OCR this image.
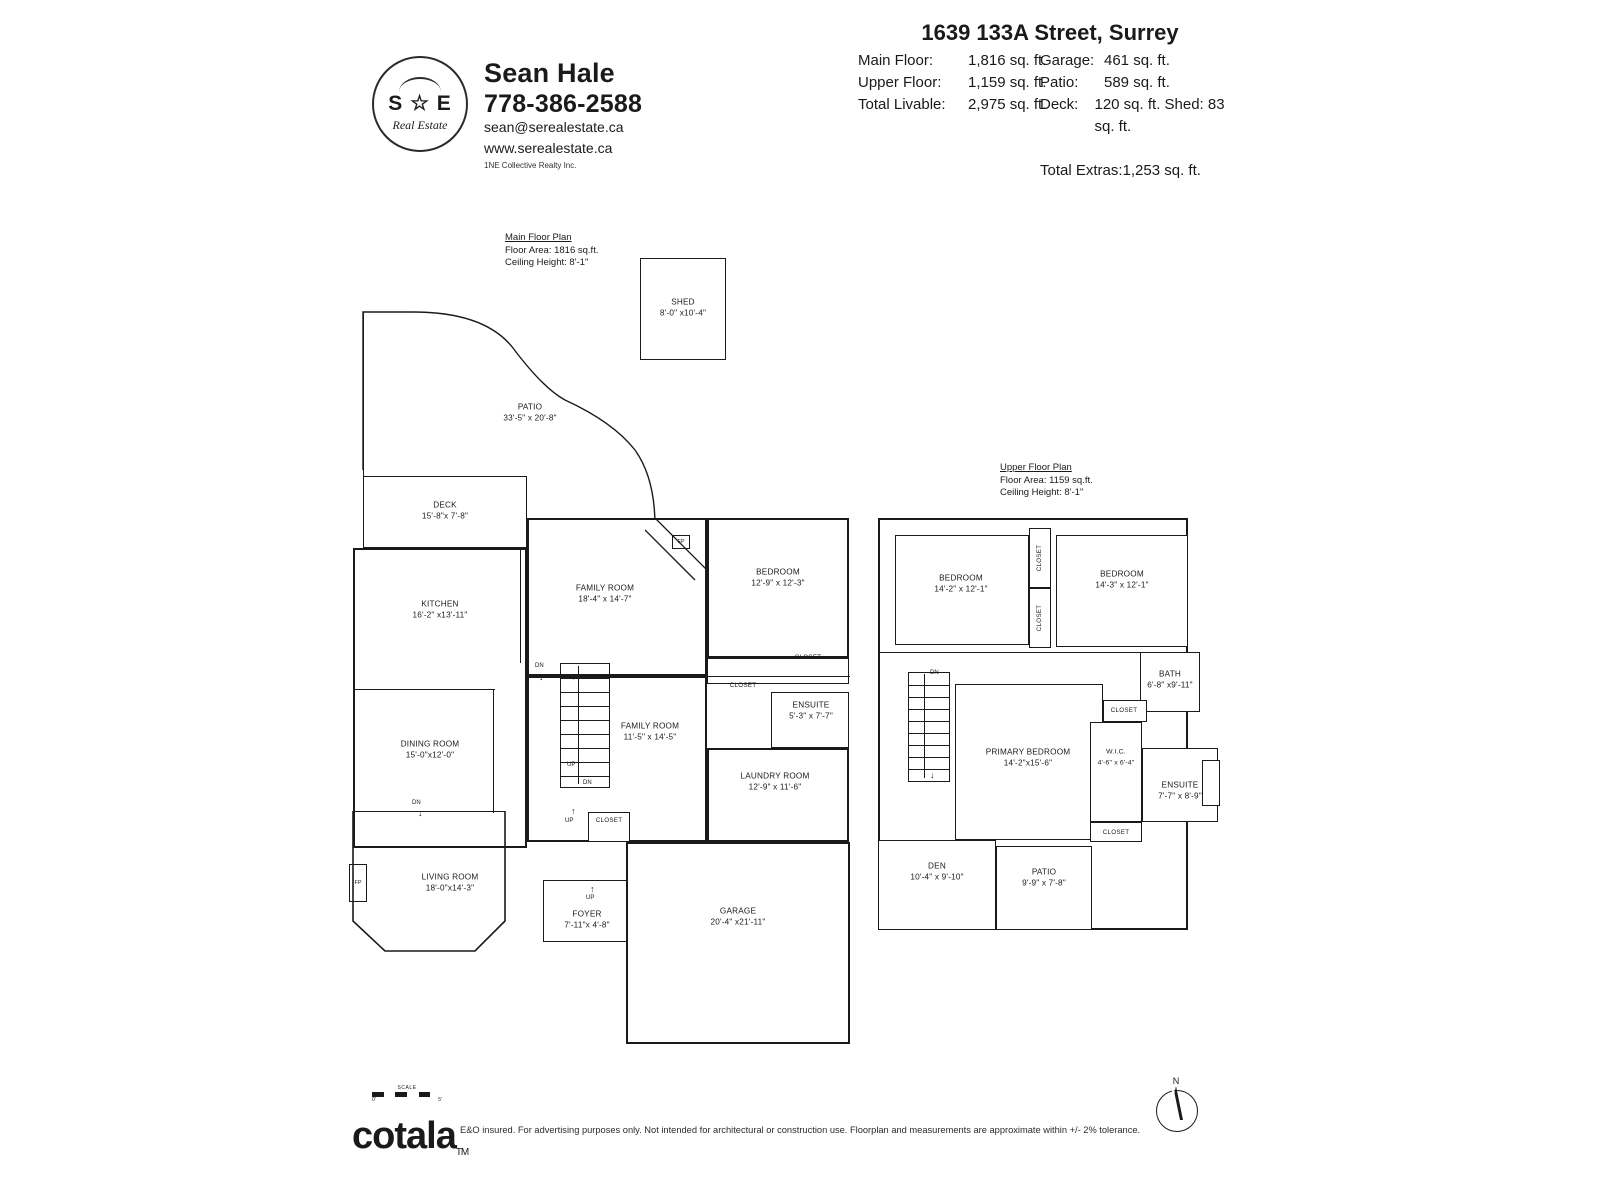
S ☆ E
Real Estate
Sean Hale
778-386-2588
sean@serealestate.ca
www.serealestate.ca
1NE Collective Realty Inc.
1639 133A Street, Surrey
Main Floor:	1,816 sq. ft.
Upper Floor:	1,159 sq. ft.
Total Livable:	2,975 sq. ft.
Garage: 461 sq. ft.
Patio:	589 sq. ft.
Deck:	120 sq. ft. Shed: 83 sq. ft.
Total Extras:1,253 sq. ft.
Main Floor Plan
Floor Area: 1816 sq.ft.
Ceiling Height: 8'-1"
SHED
8'-0" x10'-4"
PATIO
33'-5" x 20'-8"
DECK
15'-8"x 7'-8"
KITCHEN
16'-2" x13'-11"
DINING ROOM
15'-0"x12'-0"
DN
↓
FP
LIVING ROOM
18'-0"x14'-3"
FAMILY ROOM
18'-4" x 14'-7"
FP
BEDROOM
12'-9" x 12'-3"
CLOSET
CLOSET
ENSUITE
5'-3" x 7'-7"
LAUNDRY ROOM
12'-9" x 11'-6"
FAMILY ROOM
11'-5" x 14'-5"
DN
↓
UP
↑
DN
UP
↑
CLOSET
FOYER
7'-11"x 4'-8"
UP
↑
GARAGE
20'-4" x21'-11"
Upper Floor Plan
Floor Area: 1159 sq.ft.
Ceiling Height: 8'-1"
BEDROOM
14'-2" x 12'-1"
CLOSET
CLOSET
BEDROOM
14'-3" x 12'-1"
BATH
6'-8" x9'-11"
PRIMARY BEDROOM
14'-2"x15'-6"
CLOSET
CLOSET
W.I.C.
4'-6" x 6'-4"
ENSUITE
7'-7" x 8'-9"
DEN
10'-4" x 9'-10"	PATIO
9'-9" x 7'-8"
DN
↓
SCALE
0'	5'
N
cotalaTM
E&O insured. For advertising purposes only. Not intended for architectural or construction use. Floorplan and measurements are approximate within +/- 2% tolerance.
